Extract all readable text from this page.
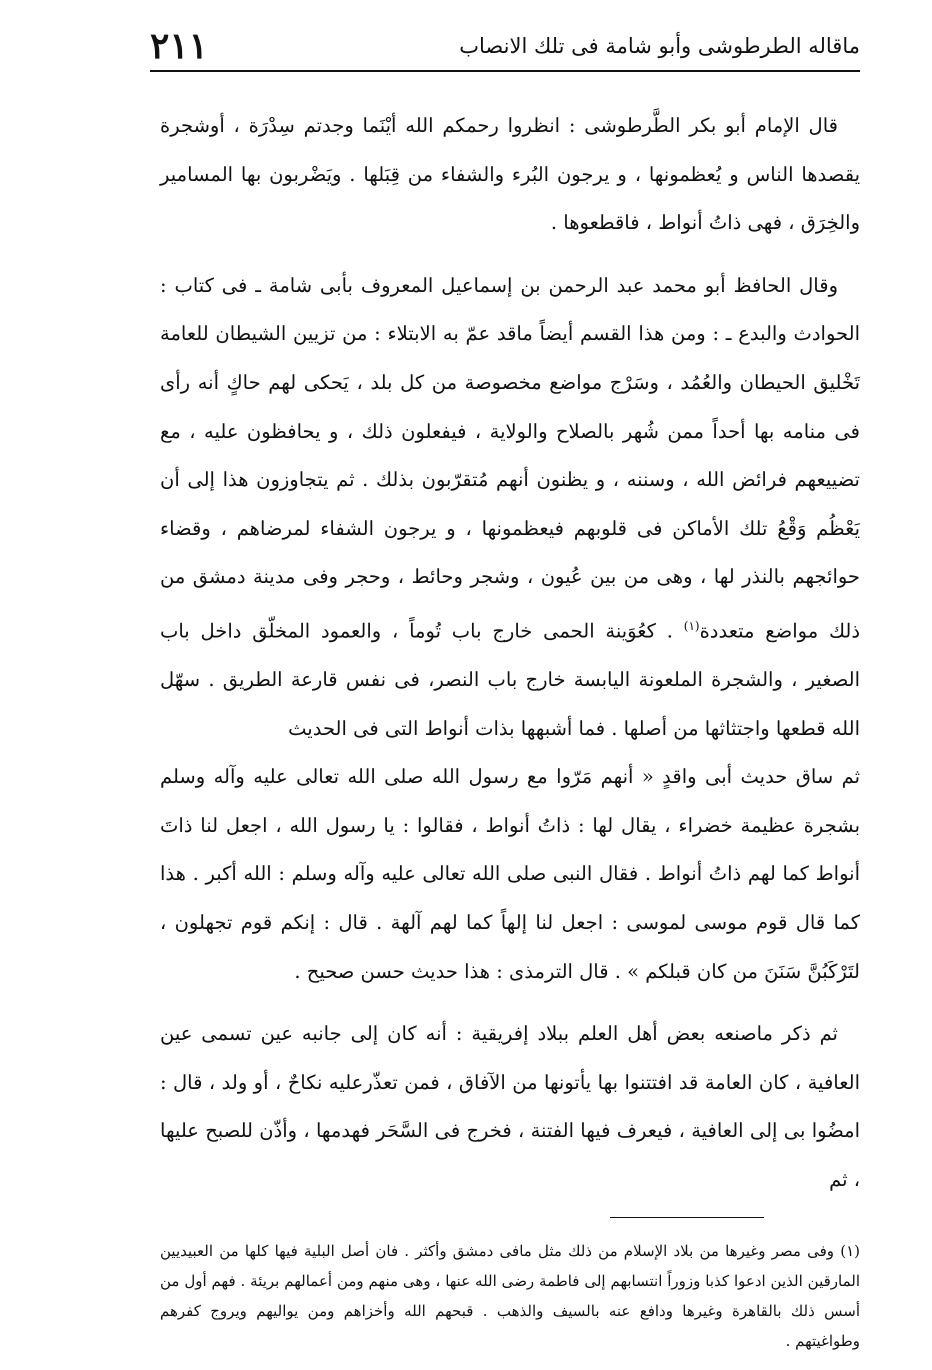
ماقاله الطرطوشى وأبو شامة فى تلك الانصاب
٢١١

قال الإمام أبو بكر الطَّرطوشى : انظروا رحمكم الله أيْنَما وجدتم سِدْرَة ، أوشجرة يقصدها الناس و يُعظمونها ، و يرجون البُرء والشفاء من قِبَلها . ويَضْربون بها المسامير والخِرَق ، فهى ذاتُ أنواط ، فاقطعوها .

وقال الحافظ أبو محمد عبد الرحمن بن إسماعيل المعروف بأبى شامة ـ فى كتاب : الحوادث والبدع ـ : ومن هذا القسم أيضاً ماقد عمّ به الابتلاء : من تزيين الشيطان للعامة تَخْليق الحيطان والعُمُد ، وسَرْج مواضع مخصوصة من كل بلد ، يَحكى لهم حاكٍ أنه رأى فى منامه بها أحداً ممن شُهر بالصلاح والولاية ، فيفعلون ذلك ، و يحافظون عليه ، مع تضييعهم فرائض الله ، وسننه ، و يظنون أنهم مُتقرّبون بذلك . ثم يتجاوزون هذا إلى أن يَعْظُم وَقْعُ تلك الأماكن فى قلوبهم فيعظمونها ، و يرجون الشفاء لمرضاهم ، وقضاء حوائجهم بالنذر لها ، وهى من بين عُيون ، وشجر وحائط ، وحجر وفى مدينة دمشق من ذلك مواضع متعددة$^{(١)}$ . كعُوَينة الحمى خارج باب تُوماً ، والعمود المخلّق داخل باب الصغير ، والشجرة الملعونة اليابسة خارج باب النصر، فى نفس قارعة الطريق . سهّل الله قطعها واجتثاثها من أصلها . فما أشبهها بذات أنواط التى فى الحديث

ثم ساق حديث أبى واقدٍ « أنهم مَرّوا مع رسول الله صلى الله تعالى عليه وآله وسلم بشجرة عظيمة خضراء ، يقال لها : ذاتُ أنواط ، فقالوا : يا رسول الله ، اجعل لنا ذاتَ أنواط كما لهم ذاتُ أنواط . فقال النبى صلى الله تعالى عليه وآله وسلم : الله أكبر . هذا كما قال قوم موسى لموسى : اجعل لنا إلهاً كما لهم آلهة . قال : إنكم قوم تجهلون ، لتَرْكَبُنَّ سَنَنَ من كان قبلكم » . قال الترمذى : هذا حديث حسن صحيح .

ثم ذكر ماصنعه بعض أهل العلم ببلاد إفريقية : أنه كان إلى جانبه عين تسمى عين العافية ، كان العامة قد افتتنوا بها يأتونها من الآفاق ، فمن تعذّرعليه نكاحٌ ، أو ولد ، قال : امضُوا بى إلى العافية ، فيعرف فيها الفتنة ، فخرج فى السَّحَر فهدمها ، وأذّن للصبح عليها ، ثم

(١) وفى مصر وغيرها من بلاد الإسلام من ذلك مثل مافى دمشق وأكثر . فان أصل البلية فيها كلها من العبيديين المارقين الذين ادعوا كذبا وزوراً انتسابهم إلى فاطمة رضى الله عنها ، وهى منهم ومن أعمالهم بريئة . فهم أول من أسس ذلك بالقاهرة وغيرها ودافع عنه بالسيف والذهب . قبحهم الله وأخزاهم ومن يواليهم ويروج كفرهم وطواغيتهم .
